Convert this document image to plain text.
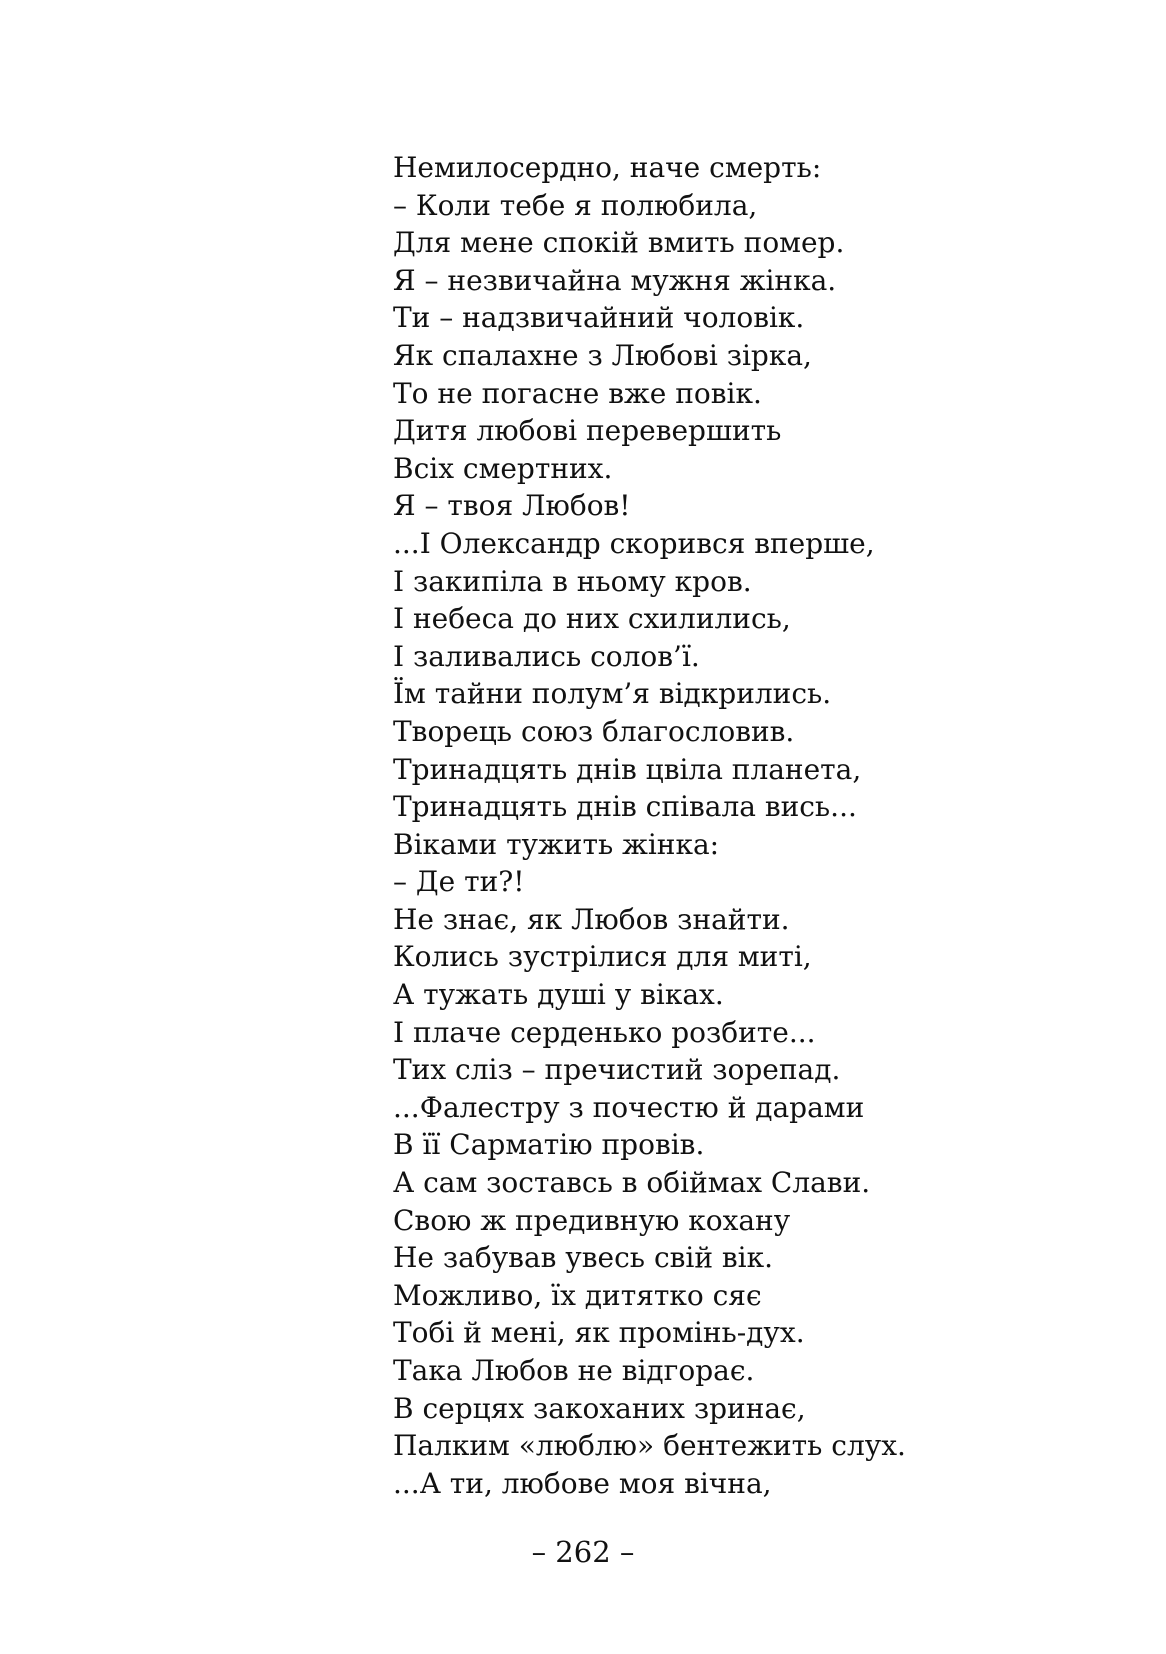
Немилосердно, наче смерть:
– Коли тебе я полюбила,
Для мене спокій вмить помер.
Я – незвичайна мужня жінка.
Ти – надзвичайний чоловік.
Як спалахне з Любові зірка,
То не погасне вже повік.
Дитя любові перевершить
Всіх смертних.
Я – твоя Любов!
...І Олександр скорився вперше,
І закипіла в ньому кров.
І небеса до них схилились,
І заливались солов’ї.
Їм тайни полум’я відкрились.
Творець союз благословив.
Тринадцять днів цвіла планета,
Тринадцять днів співала вись...
Віками тужить жінка:
– Де ти?!
Не знає, як Любов знайти.
Колись зустрілися для миті,
А тужать душі у віках.
І плаче серденько розбите...
Тих сліз – пречистий зорепад.
...Фалестру з почестю й дарами
В її Сарматію провів.
А сам зоставсь в обіймах Слави.
Свою ж предивную кохану
Не забував увесь свій вік.
Можливо, їх дитятко сяє
Тобі й мені, як промінь-дух.
Така Любов не відгорає.
В серцях закоханих зринає,
Палким «люблю» бентежить слух.
...А ти, любове моя вічна,
– 262 –
